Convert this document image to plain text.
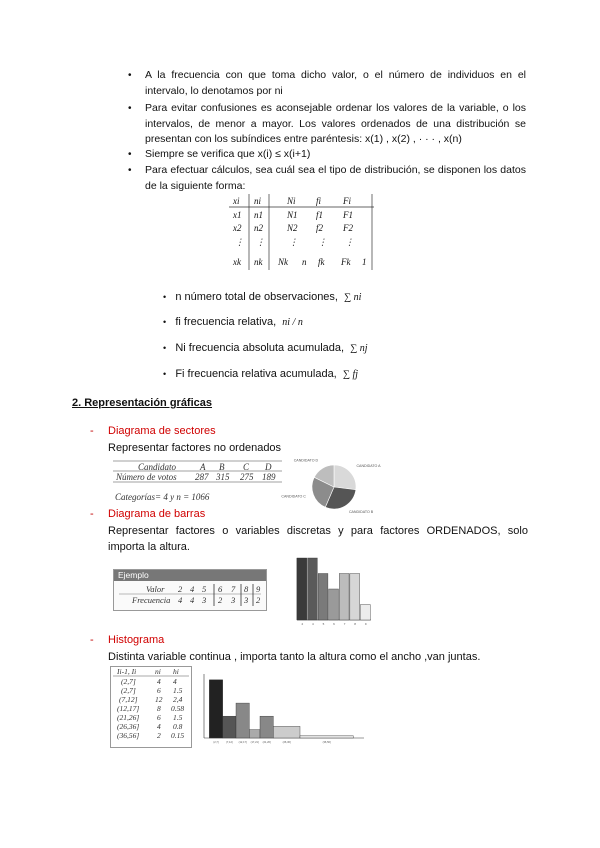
• A la frecuencia con que toma dicho valor, o el número de individuos en el intervalo, lo denotamos por ni
• Para evitar confusiones es aconsejable ordenar los valores de la variable, o los intervalos, de menor a mayor. Los valores ordenados de una distribución se presentan con los subíndices entre paréntesis: x(1) , x(2) , · · · , x(n)
• Siempre se verifica que x(i) ≤ x(i+1)
• Para efectuar cálculos, sea cuál sea el tipo de distribución, se disponen los datos de la siguiente forma:
xi ni	Ni fi Fi
x1 n1	N1 f1 F1
x2 n2	N2 f2 F2
⋮ ⋮	⋮ ⋮ ⋮
xk nk Nk n fk Fk 1
• n número total de observaciones, ∑ ni
• fi frecuencia relativa, ni / n
• Ni frecuencia absoluta acumulada, ∑ nj
• Fi frecuencia relativa acumulada, ∑ fj
2. Representación gráficas
- Diagrama de sectores
Representar factores no ordenados
Candidato	A B C D
Número de votos 287 315 275 189
Categorías= 4 y n = 1066
CANDIDATO A
CANDIDATO B
CANDIDATO C
CANDIDATO D
- Diagrama de barras
Representar factores o variables discretas y para factores ORDENADOS, solo importa la altura.
Ejemplo
Valor 2 4 5 6 7 8 9
Frecuencia 4 4 3 2 3 3 2
2	4	5	6	7	8	9
- Histograma
Distinta variable continua , importa tanto la altura como el ancho ,van juntas.
Ii-1, Ii	ni hi
(2,7]	4 4
(2,7]	6 1.5
(7,12] 12 2,4
(12,17] 8 0.58
(21,26] 6 1.5
(26,36] 4 0.8
(36,56] 2 0.15
(2,7]	(7,12] (12,17] (17,21] (21,26]	(26,36]	(36,56]
